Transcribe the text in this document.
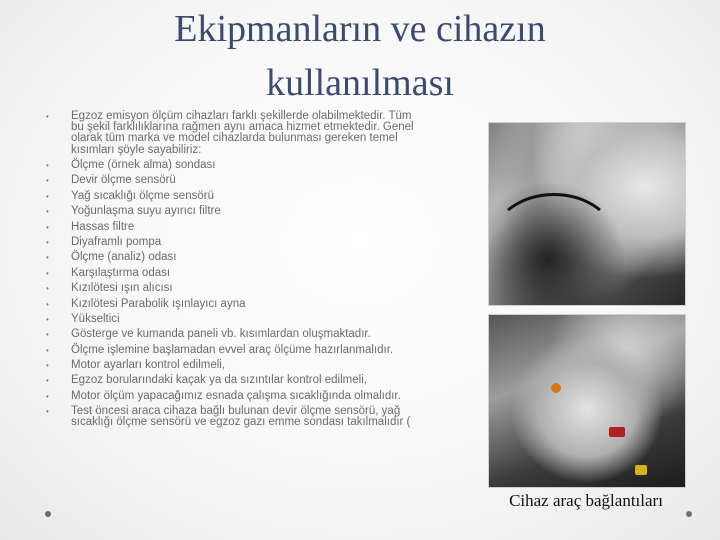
Ekipmanların ve cihazın kullanılması
• Egzoz emisyon ölçüm cihazları farklı şekillerde olabilmektedir. Tüm bu şekil farklılıklarına rağmen aynı amaca hizmet etmektedir. Genel olarak tüm marka ve model cihazlarda bulunması gereken temel kısımları şöyle sayabiliriz:
• Ölçme (örnek alma) sondası
• Devir ölçme sensörü
• Yağ sıcaklığı ölçme sensörü
• Yoğunlaşma suyu ayırıcı filtre
• Hassas filtre
• Diyaframlı pompa
• Ölçme (analiz) odası
• Karşılaştırma odası
• Kızılötesi ışın alıcısı
• Kızılötesi Parabolik ışınlayıcı ayna
• Yükseltici
• Gösterge ve kumanda paneli vb. kısımlardan oluşmaktadır.
• Ölçme işlemine başlamadan evvel araç ölçüme hazırlanmalıdır.
• Motor ayarları kontrol edilmeli,
• Egzoz borularındaki kaçak ya da sızıntılar kontrol edilmeli,
• Motor ölçüm yapacağımız esnada çalışma sıcaklığında olmalıdır.
• Test öncesi araca cihaza bağlı bulunan devir ölçme sensörü, yağ sıcaklığı ölçme sensörü ve egzoz gazı emme sondası takılmalıdır (
Cihaz araç bağlantıları
